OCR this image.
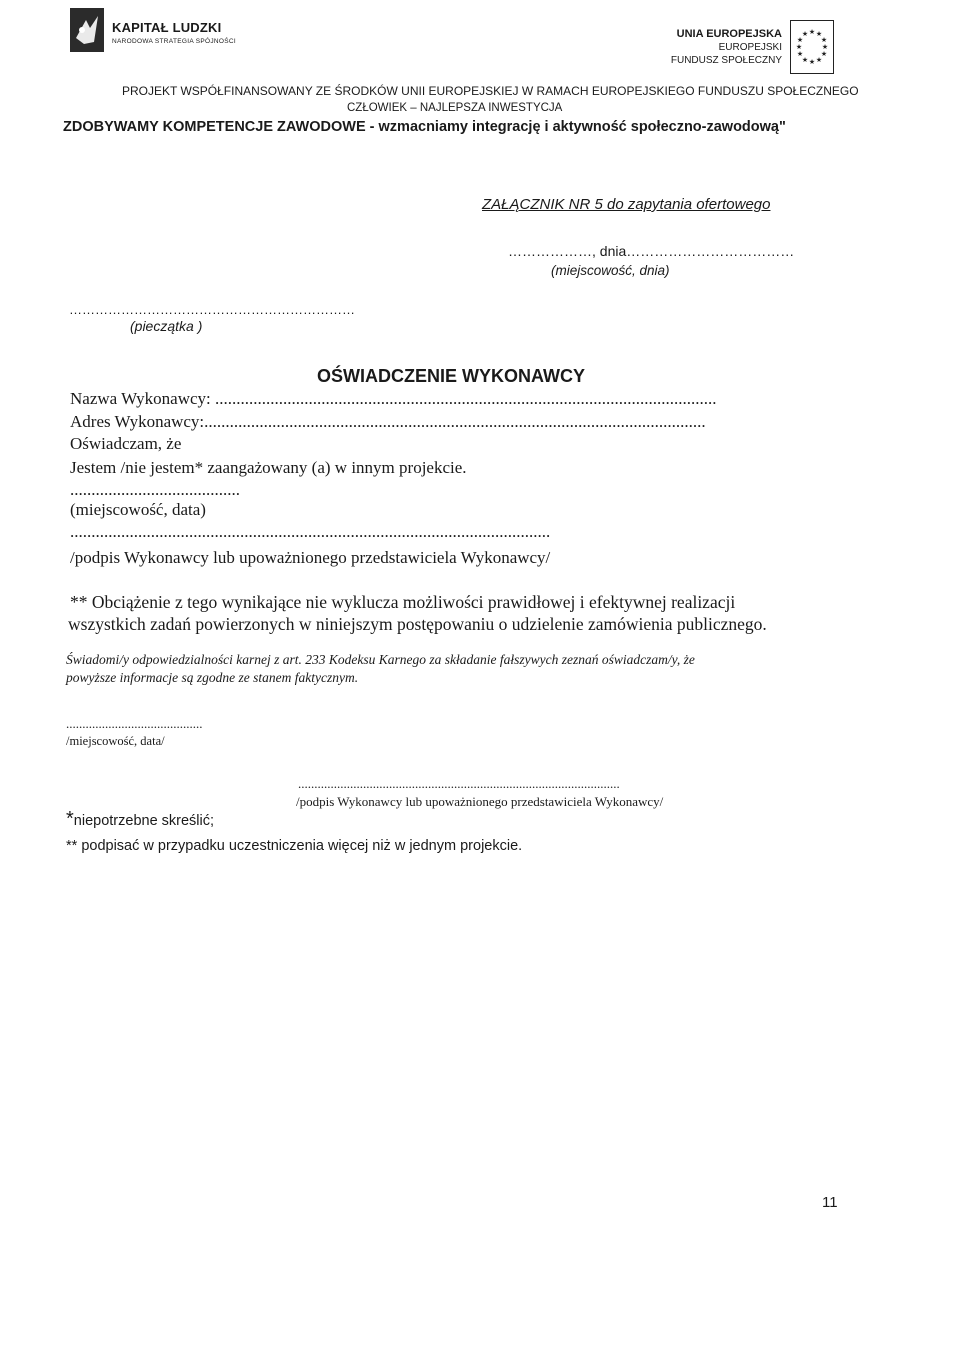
KAPITAŁ LUDZKI
NARODOWA STRATEGIA SPÓJNOŚCI
UNIA EUROPEJSKA
EUROPEJSKI
FUNDUSZ SPOŁECZNY
★ ★
★
★
★
★
★
★
★
★
★
★
PROJEKT WSPÓŁFINANSOWANY ZE ŚRODKÓW UNII EUROPEJSKIEJ W RAMACH EUROPEJSKIEGO FUNDUSZU SPOŁECZNEGO
CZŁOWIEK – NAJLEPSZA INWESTYCJA
ZDOBYWAMY KOMPETENCJE ZAWODOWE - wzmacniamy integrację i aktywność społeczno-zawodową"
ZAŁĄCZNIK NR 5 do zapytania ofertowego
………………, dnia………………………………
(miejscowość, dnia)
…………………………………………………………
(pieczątka )
OŚWIADCZENIE WYKONAWCY
Nazwa Wykonawcy: ......................................................................................................................
Adres Wykonawcy:......................................................................................................................
Oświadczam, że
Jestem /nie jestem* zaangażowany (a) w innym projekcie.
........................................
(miejscowość, data)
.................................................................................................................
/podpis Wykonawcy lub upoważnionego przedstawiciela Wykonawcy/
** Obciążenie z tego wynikające nie wyklucza możliwości prawidłowej i efektywnej realizacji
wszystkich zadań powierzonych w niniejszym postępowaniu o udzielenie zamówienia publicznego.
Świadomi/y odpowiedzialności karnej z art. 233 Kodeksu Karnego za składanie fałszywych zeznań oświadczam/y, że
powyższe informacje są zgodne ze stanem faktycznym.
..........................................
/miejscowość, data/
...................................................................................................
/podpis Wykonawcy lub upoważnionego przedstawiciela Wykonawcy/
*niepotrzebne skreślić;
** podpisać w przypadku uczestniczenia więcej niż w jednym projekcie.
11
